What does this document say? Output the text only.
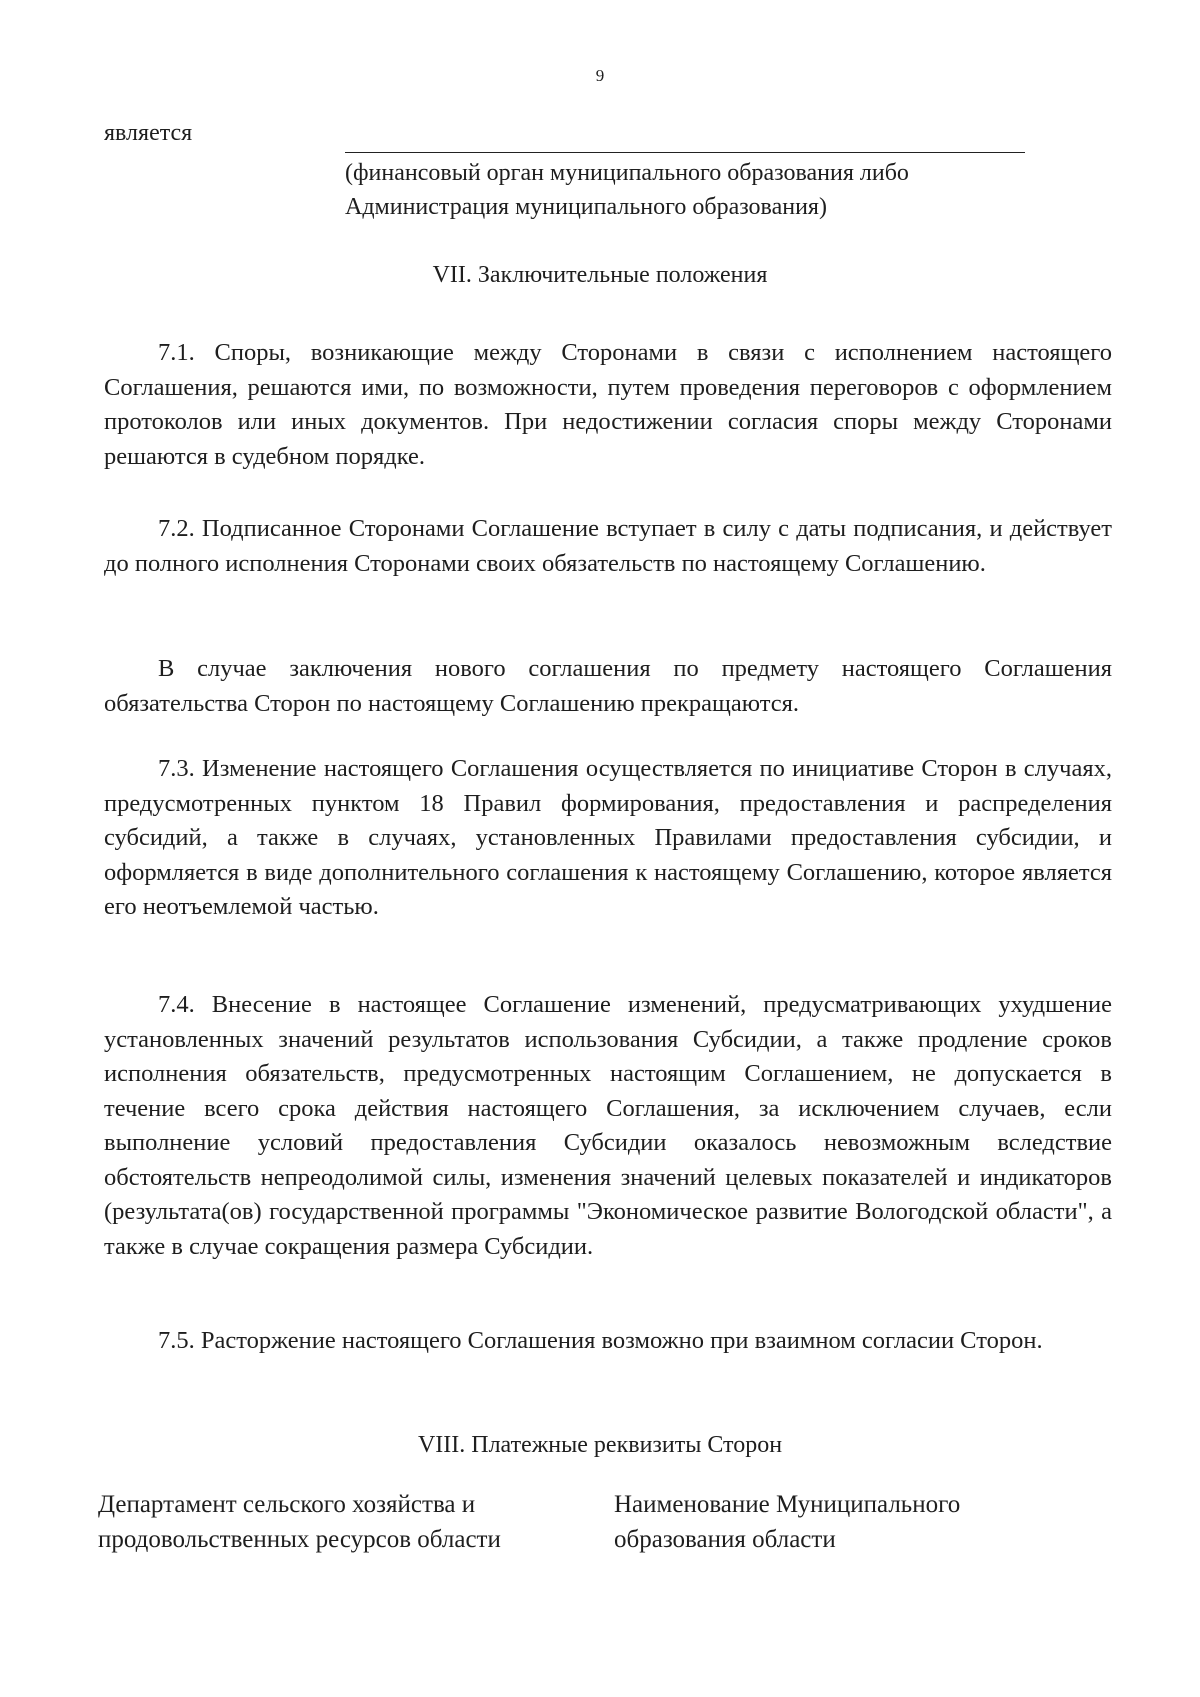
9
является
(финансовый орган муниципального образования либо Администрация муниципального образования)
VII. Заключительные положения

7.1. Споры, возникающие между Сторонами в связи с исполнением настоящего Соглашения, решаются ими, по возможности, путем проведения переговоров с оформлением протоколов или иных документов. При недостижении согласия споры между Сторонами решаются в судебном порядке.

7.2. Подписанное Сторонами Соглашение вступает в силу с даты подписания, и действует до полного исполнения Сторонами своих обязательств по настоящему Соглашению.

В случае заключения нового соглашения по предмету настоящего Соглашения обязательства Сторон по настоящему Соглашению прекращаются.

7.3. Изменение настоящего Соглашения осуществляется по инициативе Сторон в случаях, предусмотренных пунктом 18 Правил формирования, предоставления и распределения субсидий, а также в случаях, установленных Правилами предоставления субсидии, и оформляется в виде дополнительного соглашения к настоящему Соглашению, которое является его неотъемлемой частью.

7.4. Внесение в настоящее Соглашение изменений, предусматривающих ухудшение установленных значений результатов использования Субсидии, а также продление сроков исполнения обязательств, предусмотренных настоящим Соглашением, не допускается в течение всего срока действия настоящего Соглашения, за исключением случаев, если выполнение условий предоставления Субсидии оказалось невозможным вследствие обстоятельств непреодолимой силы, изменения значений целевых показателей и индикаторов (результата(ов) государственной программы "Экономическое развитие Вологодской области", а также в случае сокращения размера Субсидии.

7.5. Расторжение настоящего Соглашения возможно при взаимном согласии Сторон.

VIII. Платежные реквизиты Сторон
Департамент сельского хозяйства и продовольственных ресурсов области
Наименование Муниципального образования области
